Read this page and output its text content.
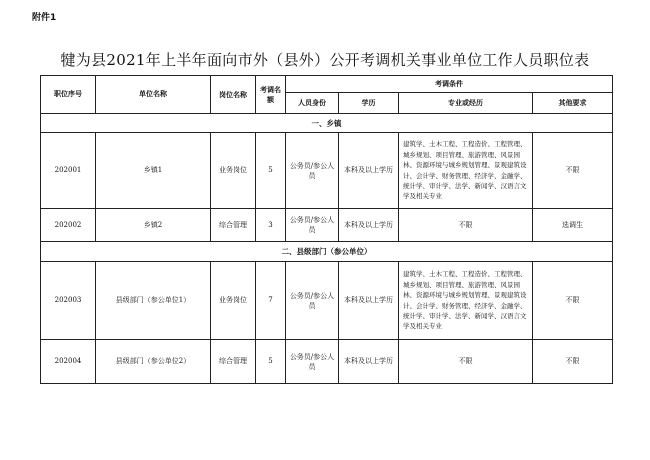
附件1
犍为县2021年上半年面向市外（县外）公开考调机关事业单位工作人员职位表
职位序号	单位名称	岗位名称	考调名额	考调条件			
				人员身份	学历	专业或经历	其他要求
一、乡镇							
202001	乡镇1	业务岗位	5	公务员/参公人员	本科及以上学历	建筑学、土木工程、工程造价、工程管理、城乡规划、项目管理、旅游管理、风景园林、资源环境与城乡规划管理、景观建筑设计、会计学、财务管理、经济学、金融学、统计学、审计学、法学、新闻学、汉语言文学及相关专业	不限
202002	乡镇2	综合管理	3	公务员/参公人员	本科及以上学历	不限	选调生
二、县级部门（参公单位）							
202003	县级部门（参公单位1）	业务岗位	7	公务员/参公人员	本科及以上学历	建筑学、土木工程、工程造价、工程管理、城乡规划、项目管理、旅游管理、风景园林、资源环境与城乡规划管理、景观建筑设计、会计学、财务管理、经济学、金融学、统计学、审计学、法学、新闻学、汉语言文学及相关专业	不限
202004	县级部门（参公单位2）	综合管理	5	公务员/参公人员	本科及以上学历	不限	不限
